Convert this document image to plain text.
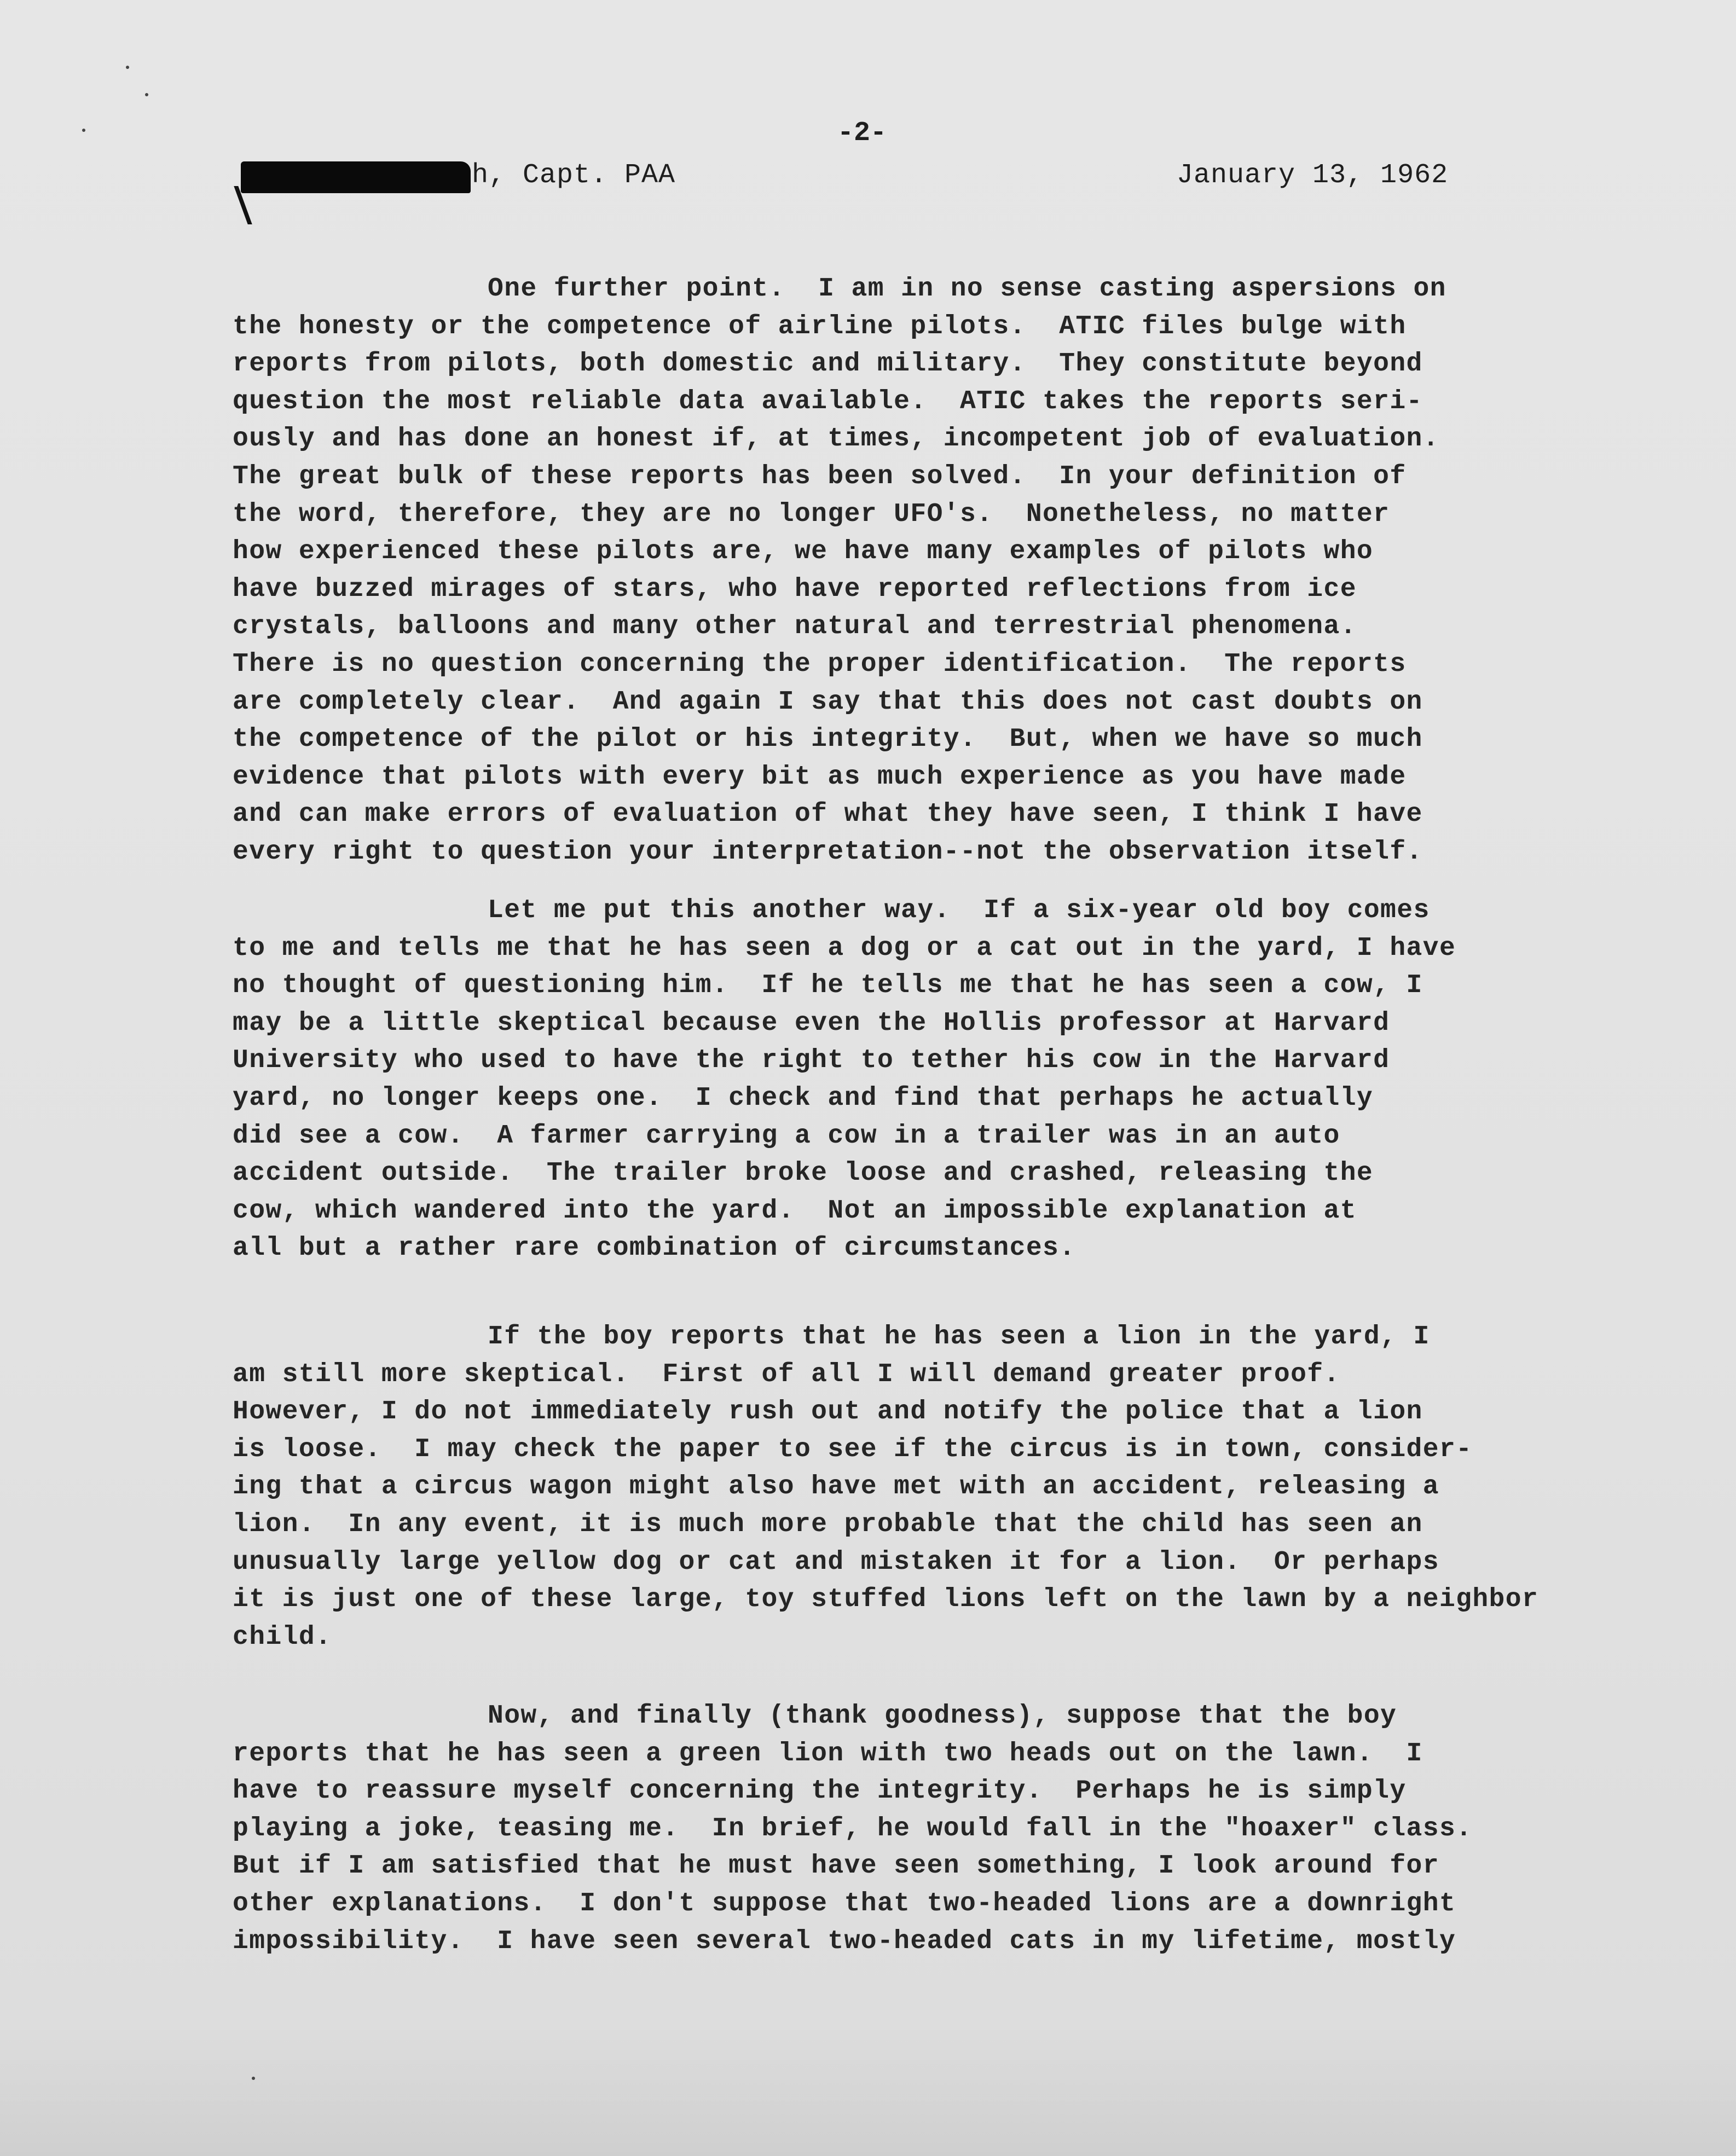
-2-
h, Capt. PAA	January 13, 1962
One further point.  I am in no sense casting aspersions on
the honesty or the competence of airline pilots.  ATIC files bulge with
reports from pilots, both domestic and military.  They constitute beyond
question the most reliable data available.  ATIC takes the reports seri-
ously and has done an honest if, at times, incompetent job of evaluation.
The great bulk of these reports has been solved.  In your definition of
the word, therefore, they are no longer UFO's.  Nonetheless, no matter
how experienced these pilots are, we have many examples of pilots who
have buzzed mirages of stars, who have reported reflections from ice
crystals, balloons and many other natural and terrestrial phenomena.
There is no question concerning the proper identification.  The reports
are completely clear.  And again I say that this does not cast doubts on
the competence of the pilot or his integrity.  But, when we have so much
evidence that pilots with every bit as much experience as you have made
and can make errors of evaluation of what they have seen, I think I have
every right to question your interpretation--not the observation itself.
Let me put this another way.  If a six-year old boy comes
to me and tells me that he has seen a dog or a cat out in the yard, I have
no thought of questioning him.  If he tells me that he has seen a cow, I
may be a little skeptical because even the Hollis professor at Harvard
University who used to have the right to tether his cow in the Harvard
yard, no longer keeps one.  I check and find that perhaps he actually
did see a cow.  A farmer carrying a cow in a trailer was in an auto
accident outside.  The trailer broke loose and crashed, releasing the
cow, which wandered into the yard.  Not an impossible explanation at
all but a rather rare combination of circumstances.
If the boy reports that he has seen a lion in the yard, I
am still more skeptical.  First of all I will demand greater proof.
However, I do not immediately rush out and notify the police that a lion
is loose.  I may check the paper to see if the circus is in town, consider-
ing that a circus wagon might also have met with an accident, releasing a
lion.  In any event, it is much more probable that the child has seen an
unusually large yellow dog or cat and mistaken it for a lion.  Or perhaps
it is just one of these large, toy stuffed lions left on the lawn by a neighbor
child.
Now, and finally (thank goodness), suppose that the boy
reports that he has seen a green lion with two heads out on the lawn.  I
have to reassure myself concerning the integrity.  Perhaps he is simply
playing a joke, teasing me.  In brief, he would fall in the "hoaxer" class.
But if I am satisfied that he must have seen something, I look around for
other explanations.  I don't suppose that two-headed lions are a downright
impossibility.  I have seen several two-headed cats in my lifetime, mostly
